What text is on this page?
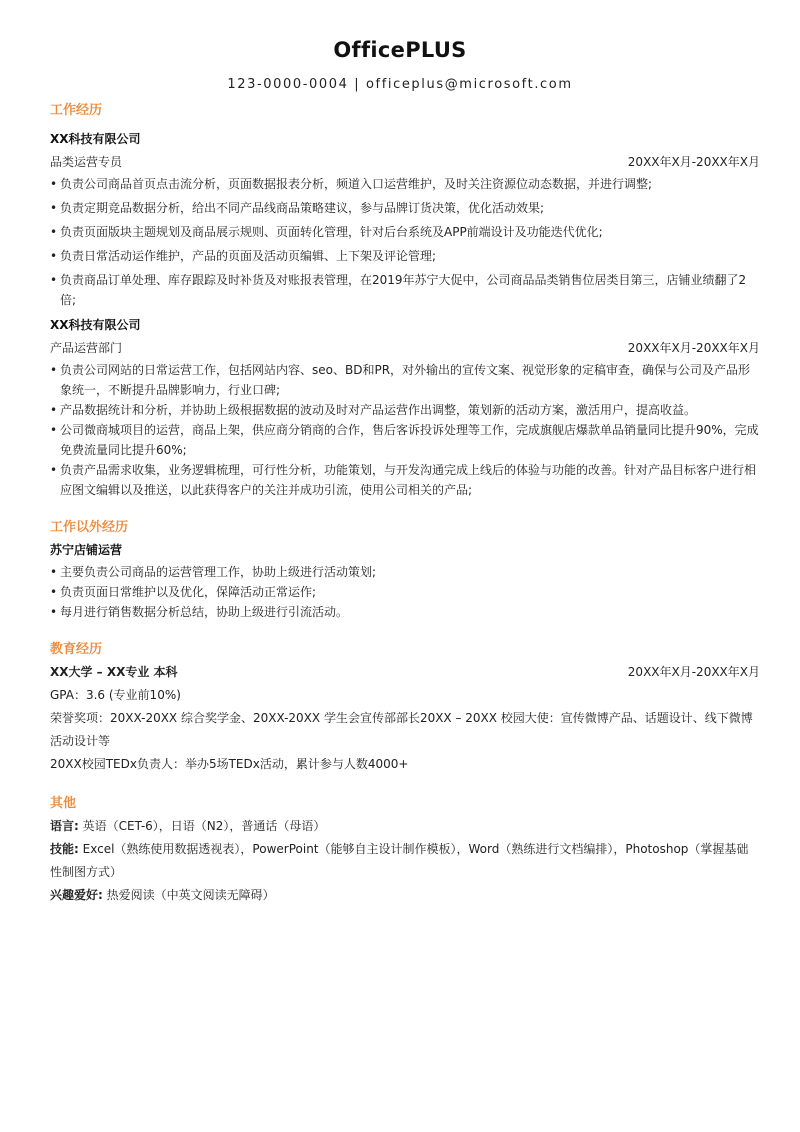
OfficePLUS
123-0000-0004 | officeplus@microsoft.com
工作经历
XX科技有限公司
品类运营专员	20XX年X月-20XX年X月
• 负责公司商品首页点击流分析，页面数据报表分析，频道入口运营维护，及时关注资源位动态数据，并进行调整;
• 负责定期竞品数据分析，给出不同产品线商品策略建议，参与品牌订货决策，优化活动效果;
• 负责页面版块主题规划及商品展示规则、页面转化管理，针对后台系统及APP前端设计及功能迭代优化;
• 负责日常活动运作维护，产品的页面及活动页编辑、上下架及评论管理;
• 负责商品订单处理、库存跟踪及时补货及对账报表管理，在2019年苏宁大促中，公司商品品类销售位居类目第三，店铺业绩翻了2倍;
XX科技有限公司
产品运营部门	20XX年X月-20XX年X月
• 负责公司网站的日常运营工作，包括网站内容、seo、BD和PR，对外输出的宣传文案、视觉形象的定稿审查，确保与公司及产品形象统一，不断提升品牌影响力，行业口碑;
• 产品数据统计和分析，并协助上级根据数据的波动及时对产品运营作出调整，策划新的活动方案，激活用户，提高收益。
• 公司微商城项目的运营，商品上架，供应商分销商的合作，售后客诉投诉处理等工作，完成旗舰店爆款单品销量同比提升90%，完成免费流量同比提升60%;
• 负责产品需求收集，业务逻辑梳理，可行性分析，功能策划，与开发沟通完成上线后的体验与功能的改善。针对产品目标客户进行相应图文编辑以及推送，以此获得客户的关注并成功引流，使用公司相关的产品;
工作以外经历
苏宁店铺运营
• 主要负责公司商品的运营管理工作，协助上级进行活动策划;
• 负责页面日常维护以及优化，保障活动正常运作;
• 每月进行销售数据分析总结，协助上级进行引流活动。
教育经历
XX大学 – XX专业 本科	20XX年X月-20XX年X月
GPA：3.6 (专业前10%)
荣誉奖项：20XX-20XX 综合奖学金、20XX-20XX 学生会宣传部部长20XX – 20XX 校园大使：宣传微博产品、话题设计、线下微博活动设计等
20XX校园TEDx负责人：举办5场TEDx活动，累计参与人数4000+
其他
语言: 英语（CET-6），日语（N2），普通话（母语）
技能: Excel（熟练使用数据透视表），PowerPoint（能够自主设计制作模板），Word（熟练进行文档编排），Photoshop（掌握基础性制图方式）
兴趣爱好: 热爱阅读（中英文阅读无障碍）
